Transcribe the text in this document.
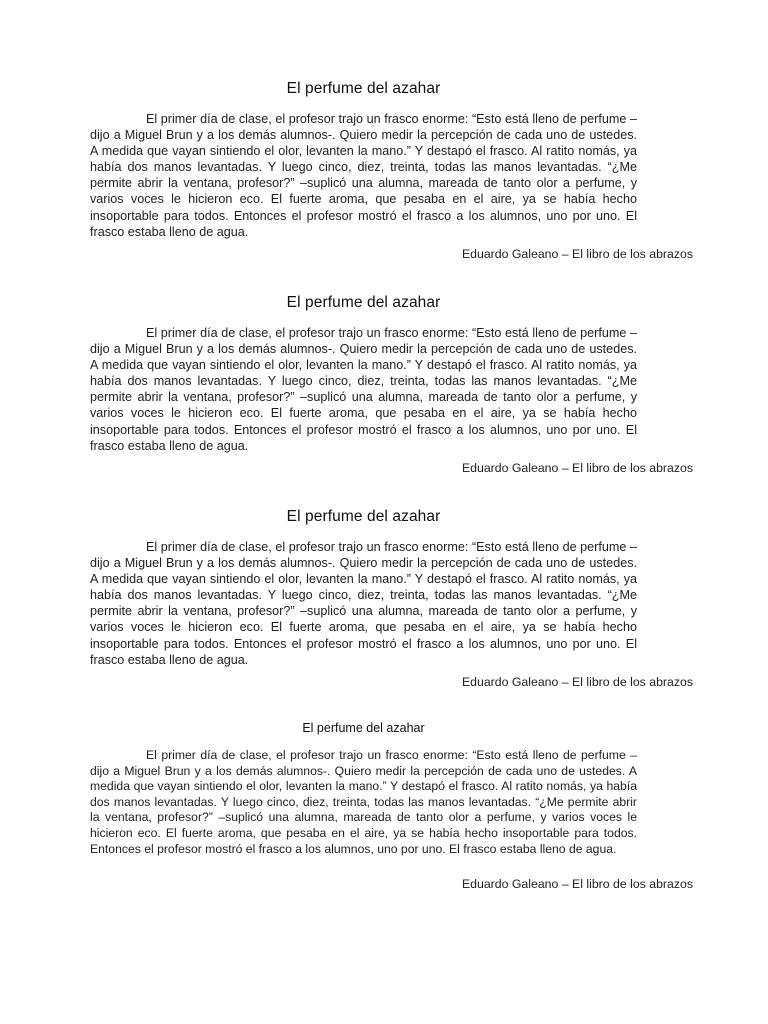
El perfume del azahar

El primer día de clase, el profesor trajo un frasco enorme: “Esto está lleno de perfume –dijo a Miguel Brun y a los demás alumnos-. Quiero medir la percepción de cada uno de ustedes. A medida que vayan sintiendo el olor, levanten la mano.” Y destapó el frasco. Al ratito nomás, ya había dos manos levantadas. Y luego cinco, diez, treinta, todas las manos levantadas. “¿Me permite abrir la ventana, profesor?” –suplicó una alumna, mareada de tanto olor a perfume, y varios voces le hicieron eco. El fuerte aroma, que pesaba en el aire, ya se había hecho insoportable para todos. Entonces el profesor mostró el frasco a los alumnos, uno por uno. El frasco estaba lleno de agua.

Eduardo Galeano – El libro de los abrazos

El perfume del azahar

El primer día de clase, el profesor trajo un frasco enorme: “Esto está lleno de perfume –dijo a Miguel Brun y a los demás alumnos-. Quiero medir la percepción de cada uno de ustedes. A medida que vayan sintiendo el olor, levanten la mano.” Y destapó el frasco. Al ratito nomás, ya había dos manos levantadas. Y luego cinco, diez, treinta, todas las manos levantadas. “¿Me permite abrir la ventana, profesor?” –suplicó una alumna, mareada de tanto olor a perfume, y varios voces le hicieron eco. El fuerte aroma, que pesaba en el aire, ya se había hecho insoportable para todos. Entonces el profesor mostró el frasco a los alumnos, uno por uno. El frasco estaba lleno de agua.

Eduardo Galeano – El libro de los abrazos

El perfume del azahar

El primer día de clase, el profesor trajo un frasco enorme: “Esto está lleno de perfume –dijo a Miguel Brun y a los demás alumnos-. Quiero medir la percepción de cada uno de ustedes. A medida que vayan sintiendo el olor, levanten la mano.” Y destapó el frasco. Al ratito nomás, ya había dos manos levantadas. Y luego cinco, diez, treinta, todas las manos levantadas. “¿Me permite abrir la ventana, profesor?” –suplicó una alumna, mareada de tanto olor a perfume, y varios voces le hicieron eco. El fuerte aroma, que pesaba en el aire, ya se había hecho insoportable para todos. Entonces el profesor mostró el frasco a los alumnos, uno por uno. El frasco estaba lleno de agua.

Eduardo Galeano – El libro de los abrazos

El perfume del azahar

El primer día de clase, el profesor trajo un frasco enorme: “Esto está lleno de perfume –dijo a Miguel Brun y a los demás alumnos-. Quiero medir la percepción de cada uno de ustedes. A medida que vayan sintiendo el olor, levanten la mano.” Y destapó el frasco. Al ratito nomás, ya había dos manos levantadas. Y luego cinco, diez, treinta, todas las manos levantadas. “¿Me permite abrir la ventana, profesor?” –suplicó una alumna, mareada de tanto olor a perfume, y varios voces le hicieron eco. El fuerte aroma, que pesaba en el aire, ya se había hecho insoportable para todos. Entonces el profesor mostró el frasco a los alumnos, uno por uno. El frasco estaba lleno de agua.

Eduardo Galeano – El libro de los abrazos
